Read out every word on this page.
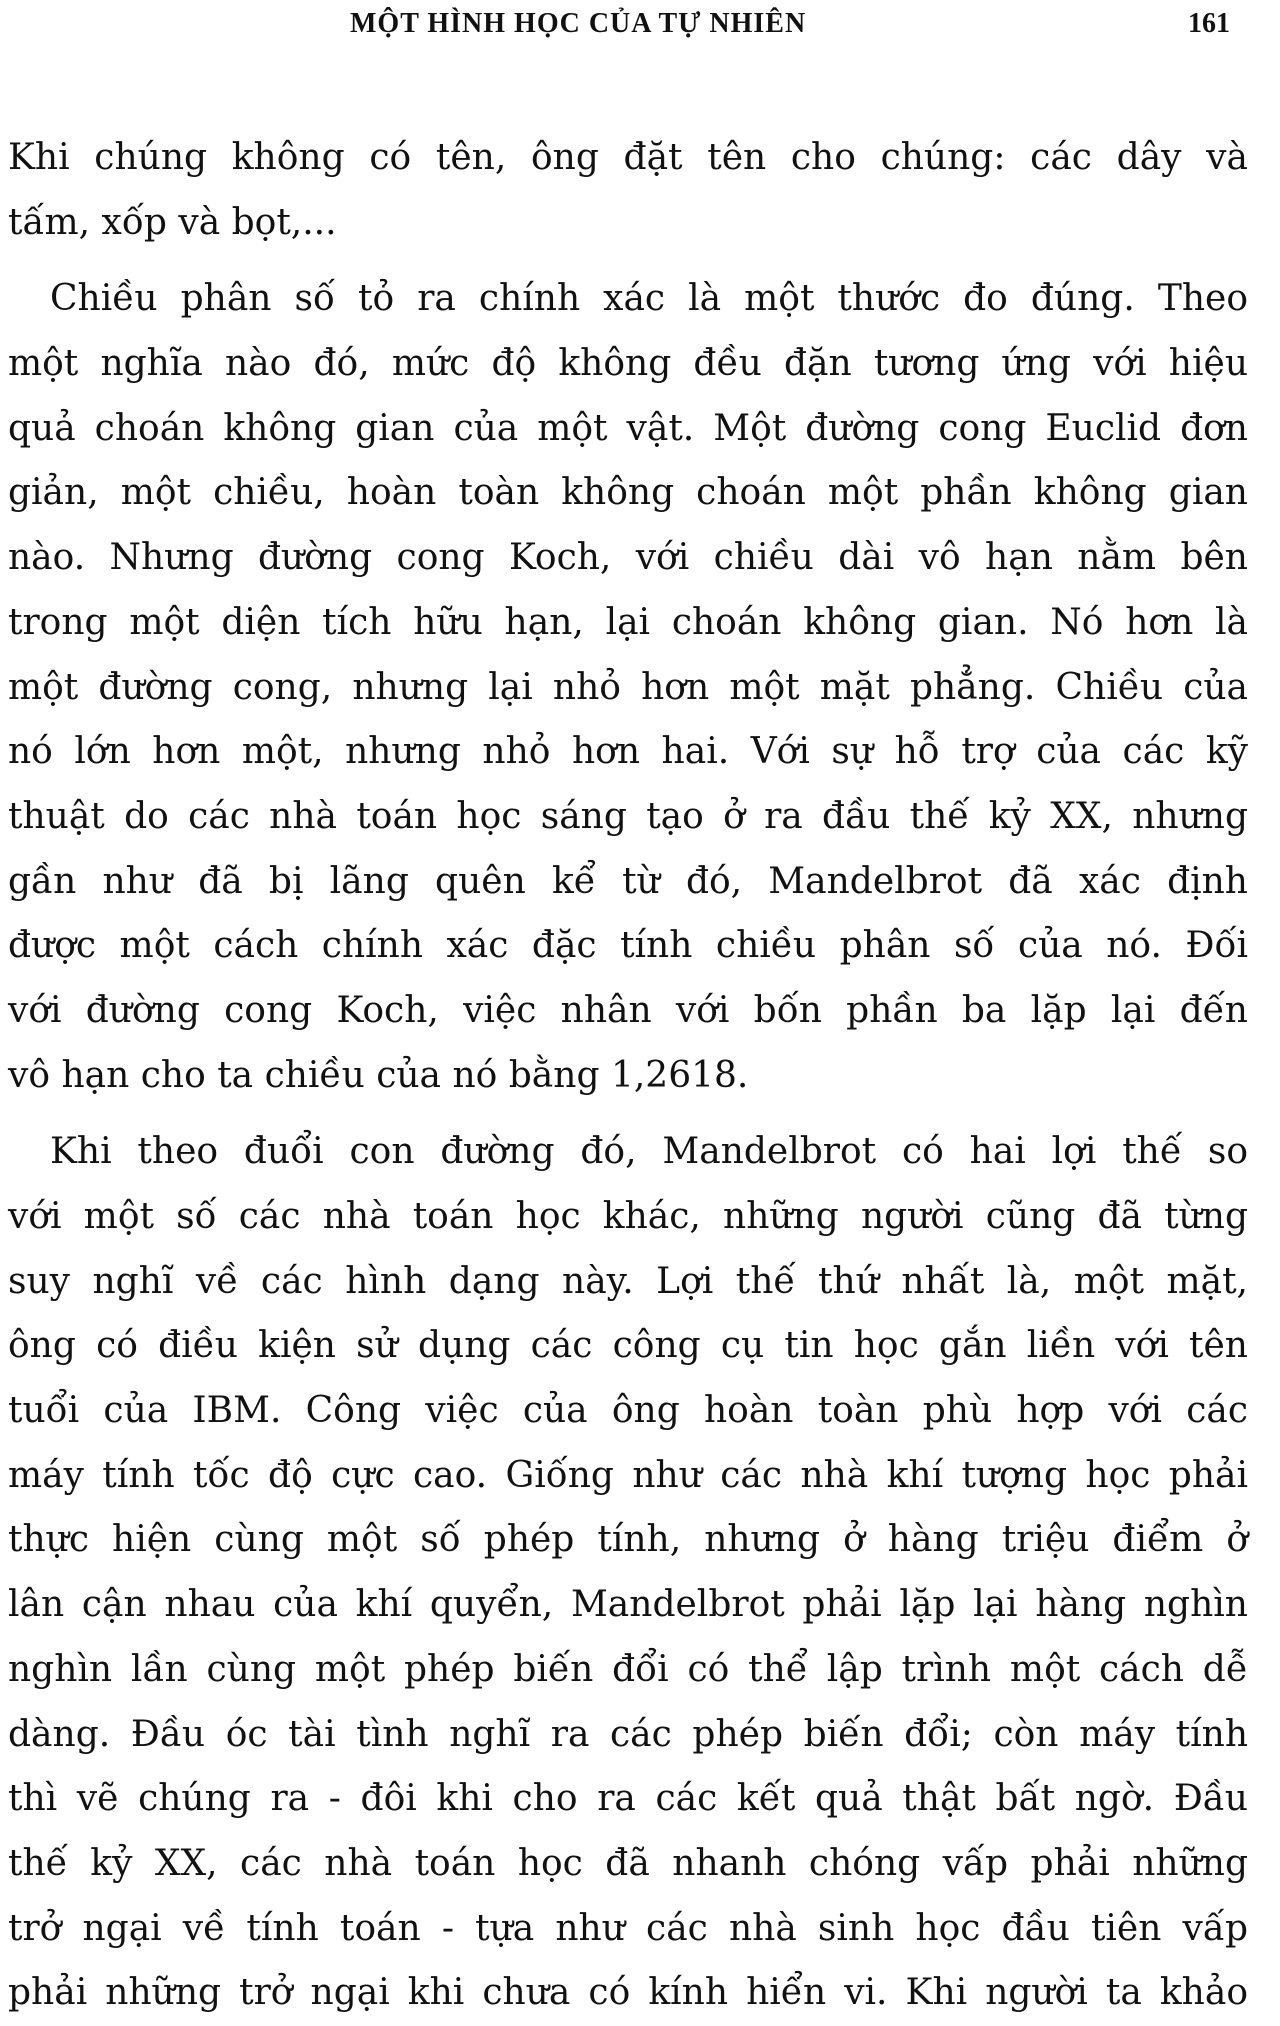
MỘT HÌNH HỌC CỦA TỰ NHIÊN	161
Khi chúng không có tên, ông đặt tên cho chúng: các dây và
tấm, xốp và bọt,...
Chiều phân số tỏ ra chính xác là một thước đo đúng. Theo
một nghĩa nào đó, mức độ không đều đặn tương ứng với hiệu
quả choán không gian của một vật. Một đường cong Euclid đơn
giản, một chiều, hoàn toàn không choán một phần không gian
nào. Nhưng đường cong Koch, với chiều dài vô hạn nằm bên
trong một diện tích hữu hạn, lại choán không gian. Nó hơn là
một đường cong, nhưng lại nhỏ hơn một mặt phẳng. Chiều của
nó lớn hơn một, nhưng nhỏ hơn hai. Với sự hỗ trợ của các kỹ
thuật do các nhà toán học sáng tạo ở ra đầu thế kỷ XX, nhưng
gần như đã bị lãng quên kể từ đó, Mandelbrot đã xác định
được một cách chính xác đặc tính chiều phân số của nó. Đối
với đường cong Koch, việc nhân với bốn phần ba lặp lại đến
vô hạn cho ta chiều của nó bằng 1,2618.
Khi theo đuổi con đường đó, Mandelbrot có hai lợi thế so
với một số các nhà toán học khác, những người cũng đã từng
suy nghĩ về các hình dạng này. Lợi thế thứ nhất là, một mặt,
ông có điều kiện sử dụng các công cụ tin học gắn liền với tên
tuổi của IBM. Công việc của ông hoàn toàn phù hợp với các
máy tính tốc độ cực cao. Giống như các nhà khí tượng học phải
thực hiện cùng một số phép tính, nhưng ở hàng triệu điểm ở
lân cận nhau của khí quyển, Mandelbrot phải lặp lại hàng nghìn
nghìn lần cùng một phép biến đổi có thể lập trình một cách dễ
dàng. Đầu óc tài tình nghĩ ra các phép biến đổi; còn máy tính
thì vẽ chúng ra - đôi khi cho ra các kết quả thật bất ngờ. Đầu
thế kỷ XX, các nhà toán học đã nhanh chóng vấp phải những
trở ngại về tính toán - tựa như các nhà sinh học đầu tiên vấp
phải những trở ngại khi chưa có kính hiển vi. Khi người ta khảo
